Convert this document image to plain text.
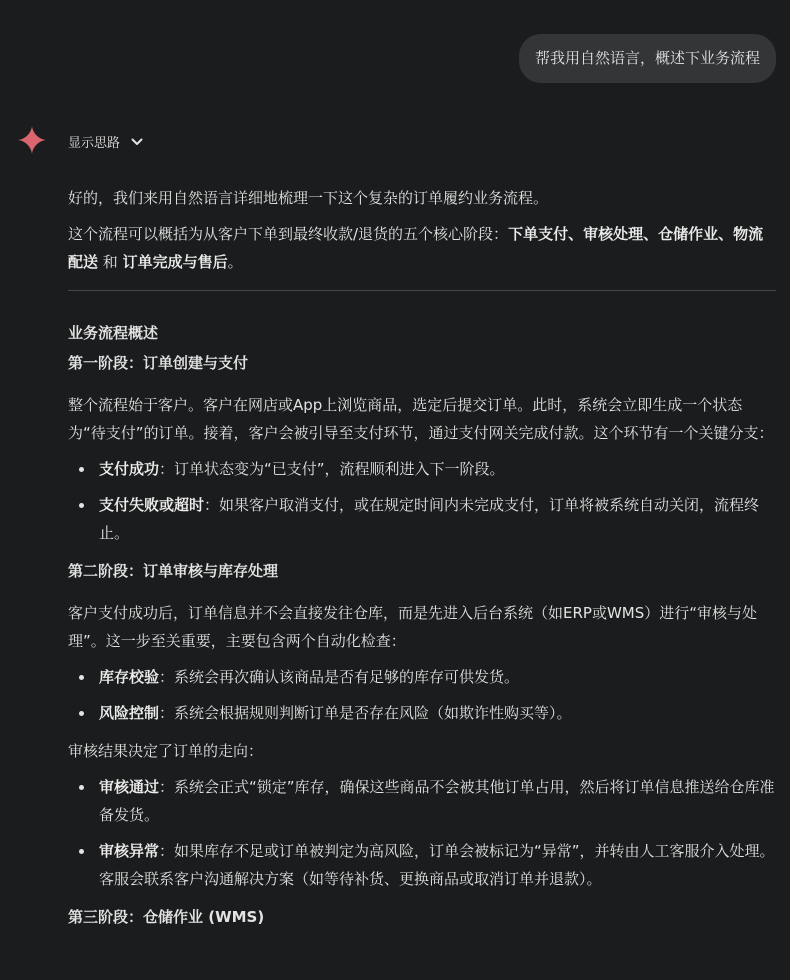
帮我用自然语言，概述下业务流程
显示思路

好的，我们来用自然语言详细地梳理一下这个复杂的订单履约业务流程。

这个流程可以概括为从客户下单到最终收款/退货的五个核心阶段：下单支付、审核处理、仓储作业、物流配送 和 订单完成与售后。

业务流程概述

第一阶段：订单创建与支付

整个流程始于客户。客户在网店或App上浏览商品，选定后提交订单。此时，系统会立即生成一个状态为“待支付”的订单。接着，客户会被引导至支付环节，通过支付网关完成付款。这个环节有一个关键分支：

支付成功：订单状态变为“已支付”，流程顺利进入下一阶段。
支付失败或超时：如果客户取消支付，或在规定时间内未完成支付，订单将被系统自动关闭，流程终止。

第二阶段：订单审核与库存处理

客户支付成功后，订单信息并不会直接发往仓库，而是先进入后台系统（如ERP或WMS）进行“审核与处理”。这一步至关重要，主要包含两个自动化检查：

库存校验：系统会再次确认该商品是否有足够的库存可供发货。
风险控制：系统会根据规则判断订单是否存在风险（如欺诈性购买等）。

审核结果决定了订单的走向：

审核通过：系统会正式“锁定”库存，确保这些商品不会被其他订单占用，然后将订单信息推送给仓库准备发货。
审核异常：如果库存不足或订单被判定为高风险，订单会被标记为“异常”，并转由人工客服介入处理。客服会联系客户沟通解决方案（如等待补货、更换商品或取消订单并退款）。

第三阶段：仓储作业 (WMS)
